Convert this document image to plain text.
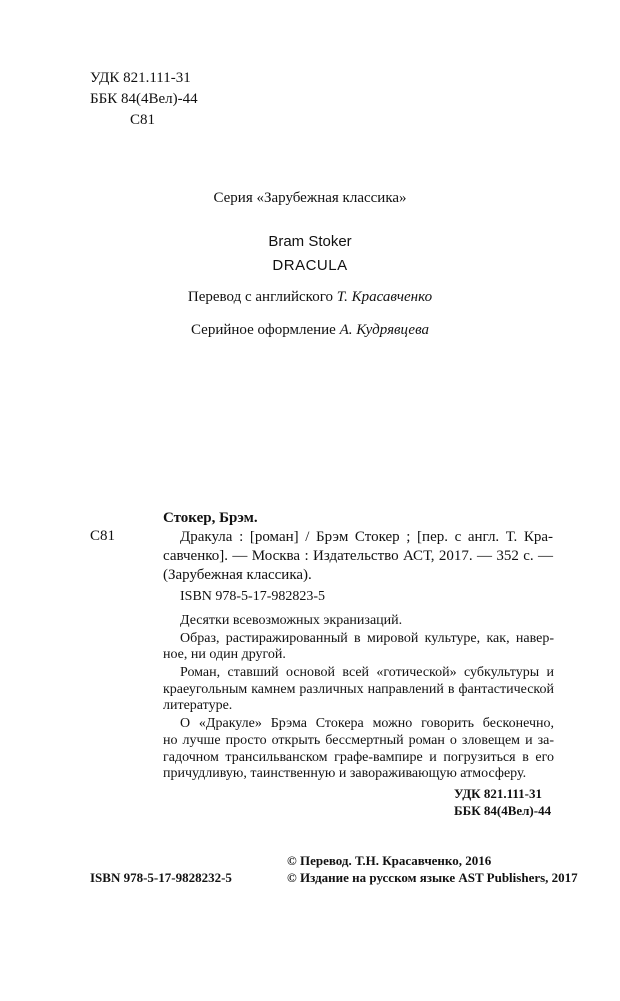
УДК 821.111-31
ББК 84(4Вел)-44
С81
Серия «Зарубежная классика»
Bram Stoker
DRACULA
Перевод с английского Т. Красавченко
Серийное оформление А. Кудрявцева
Стокер, Брэм.
С81	Дракула : [роман] / Брэм Стокер ; [пер. с англ. Т. Кра-
савченко]. — Москва : Издательство АСТ, 2017. — 352 с. —
(Зарубежная классика).
ISBN 978-5-17-982823-5
Десятки всевозможных экранизаций.
Образ, растиражированный в мировой культуре, как, навер-
ное, ни один другой.
Роман, ставший основой всей «готической» субкультуры и
краеугольным камнем различных направлений в фантастической
литературе.
О «Дракуле» Брэма Стокера можно говорить бесконечно,
но лучше просто открыть бессмертный роман о зловещем и за-
гадочном трансильванском графе-вампире и погрузиться в его
причудливую, таинственную и завораживающую атмосферу.
УДК 821.111-31
ББК 84(4Вел)-44
© Перевод. Т.Н. Красавченко, 2016
ISBN 978-5-17-9828232-5	© Издание на русском языке AST Publishers, 2017
